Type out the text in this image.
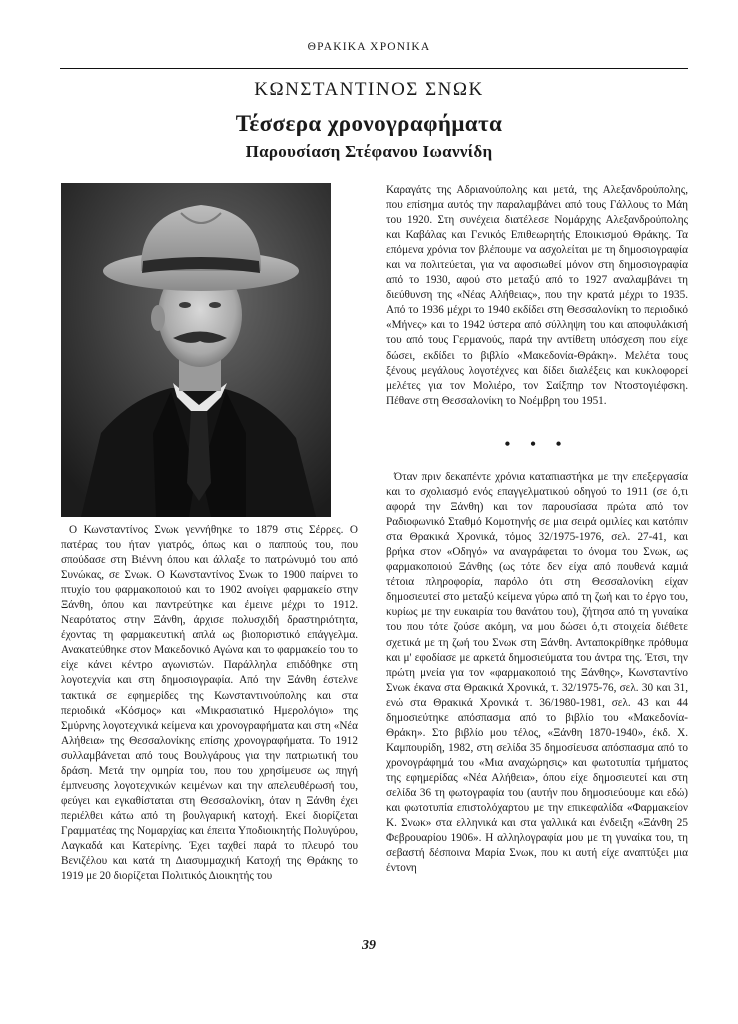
ΘΡΑΚΙΚΑ ΧΡΟΝΙΚΑ
ΚΩΝΣΤΑΝΤΙΝΟΣ ΣΝΩΚ
Τέσσερα χρονογραφήματα
Παρουσίαση Στέφανου Ιωαννίδη

Ο Κωνσταντίνος Σνωκ γεννήθηκε το 1879 στις Σέρρες. Ο πατέρας του ήταν γιατρός, όπως και ο παππούς του, που σπούδασε στη Βιέννη όπου και άλλαξε το πατρώνυμό του από Συνώκας, σε Σνωκ. Ο Κωνσταντίνος Σνωκ το 1900 παίρνει το πτυχίο του φαρμακοποιού και το 1902 ανοίγει φαρμακείο στην Ξάνθη, όπου και παντρεύτηκε και έμεινε μέχρι το 1912. Νεαρότατος στην Ξάνθη, άρχισε πολυσχιδή δραστηριότητα, έχοντας τη φαρμακευτική απλά ως βιοποριστικό επάγγελμα. Ανακατεύθηκε στον Μακεδονικό Αγώνα και το φαρμακείο του το είχε κάνει κέντρο αγωνιστών. Παράλληλα επιδόθηκε στη λογοτεχνία και στη δημοσιογραφία. Από την Ξάνθη έστελνε τακτικά σε εφημερίδες της Κωνσταντινούπολης και στα περιοδικά «Κόσμος» και «Μικρασιατικό Ημερολόγιο» της Σμύρνης λογοτεχνικά κείμενα και χρονογραφήματα και στη «Νέα Αλήθεια» της Θεσσαλονίκης επίσης χρονογραφήματα. Το 1912 συλλαμβάνεται από τους Βουλγάρους για την πατριωτική του δράση. Μετά την ομηρία του, που του χρησίμευσε ως πηγή έμπνευσης λογοτεχνικών κειμένων και την απελευθέρωσή του, φεύγει και εγκαθίσταται στη Θεσσαλονίκη, όταν η Ξάνθη έχει περιέλθει κάτω από τη βουλγαρική κατοχή. Εκεί διορίζεται Γραμματέας της Νομαρχίας και έπειτα Υποδιοικητής Πολυγύρου, Λαγκαδά και Κατερίνης. Έχει ταχθεί παρά το πλευρό του Βενιζέλου και κατά τη Διασυμμαχική Κατοχή της Θράκης το 1919 με 20 διορίζεται Πολιτικός Διοικητής του

Καραγάτς της Αδριανούπολης και μετά, της Αλεξανδρούπολης, που επίσημα αυτός την παραλαμβάνει από τους Γάλλους το Μάη του 1920. Στη συνέχεια διατέλεσε Νομάρχης Αλεξανδρούπολης και Καβάλας και Γενικός Επιθεωρητής Εποικισμού Θράκης. Τα επόμενα χρόνια τον βλέπουμε να ασχολείται με τη δημοσιογραφία και να πολιτεύεται, για να αφοσιωθεί μόνον στη δημοσιογραφία από το 1930, αφού στο μεταξύ από το 1927 αναλαμβάνει τη διεύθυνση της «Νέας Αλήθειας», που την κρατά μέχρι το 1935. Από το 1936 μέχρι το 1940 εκδίδει στη Θεσσαλονίκη το περιοδικό «Μήνες» και το 1942 ύστερα από σύλληψη του και αποφυλάκισή του από τους Γερμανούς, παρά την αντίθετη υπόσχεση που είχε δώσει, εκδίδει το βιβλίο «Μακεδονία-Θράκη». Μελέτα τους ξένους μεγάλους λογοτέχνες και δίδει διαλέξεις και κυκλοφορεί μελέτες για τον Μολιέρο, τον Σαίξπηρ τον Ντοστογιέφσκη. Πέθανε στη Θεσσαλονίκη το Νοέμβρη του 1951.

• • •

Όταν πριν δεκαπέντε χρόνια καταπιαστήκα με την επεξεργασία και το σχολιασμό ενός επαγγελματικού οδηγού το 1911 (σε ό,τι αφορά την Ξάνθη) και τον παρουσίασα πρώτα από τον Ραδιοφωνικό Σταθμό Κομοτηνής σε μια σειρά ομιλίες και κατόπιν στα Θρακικά Χρονικά, τόμος 32/1975-1976, σελ. 27-41, και βρήκα στον «Οδηγό» να αναγράφεται το όνομα του Σνωκ, ως φαρμακοποιού Ξάνθης (ως τότε δεν είχα από πουθενά καμιά τέτοια πληροφορία, παρόλο ότι στη Θεσσαλονίκη είχαν δημοσιευτεί στο μεταξύ κείμενα γύρω από τη ζωή και το έργο του, κυρίως με την ευκαιρία του θανάτου του), ζήτησα από τη γυναίκα του που τότε ζούσε ακόμη, να μου δώσει ό,τι στοιχεία διέθετε σχετικά με τη ζωή του Σνωκ στη Ξάνθη. Ανταποκρίθηκε πρόθυμα και μ' εφοδίασε με αρκετά δημοσιεύματα του άντρα της. Έτσι, την πρώτη μνεία για τον «φαρμακοποιό της Ξάνθης», Κωνσταντίνο Σνωκ έκανα στα Θρακικά Χρονικά, τ. 32/1975-76, σελ. 30 και 31, ενώ στα Θρακικά Χρονικά τ. 36/1980-1981, σελ. 43 και 44 δημοσιεύτηκε απόσπασμα από το βιβλίο του «Μακεδονία-Θράκη». Στο βιβλίο μου τέλος, «Ξάνθη 1870-1940», έκδ. Χ. Καμπουρίδη, 1982, στη σελίδα 35 δημοσίευσα απόσπασμα από το χρονογράφημά του «Μια αναχώρησις» και φωτοτυπία τμήματος της εφημερίδας «Νέα Αλήθεια», όπου είχε δημοσιευτεί και στη σελίδα 36 τη φωτογραφία του (αυτήν που δημοσιεύουμε και εδώ) και φωτοτυπία επιστολόχαρτου με την επικεφαλίδα «Φαρμακείον Κ. Σνωκ» στα ελληνικά και στα γαλλικά και ένδειξη «Ξάνθη 25 Φεβρουαρίου 1906». Η αλληλογραφία μου με τη γυναίκα του, τη σεβαστή δέσποινα Μαρία Σνωκ, που κι αυτή είχε αναπτύξει μια έντονη

39
